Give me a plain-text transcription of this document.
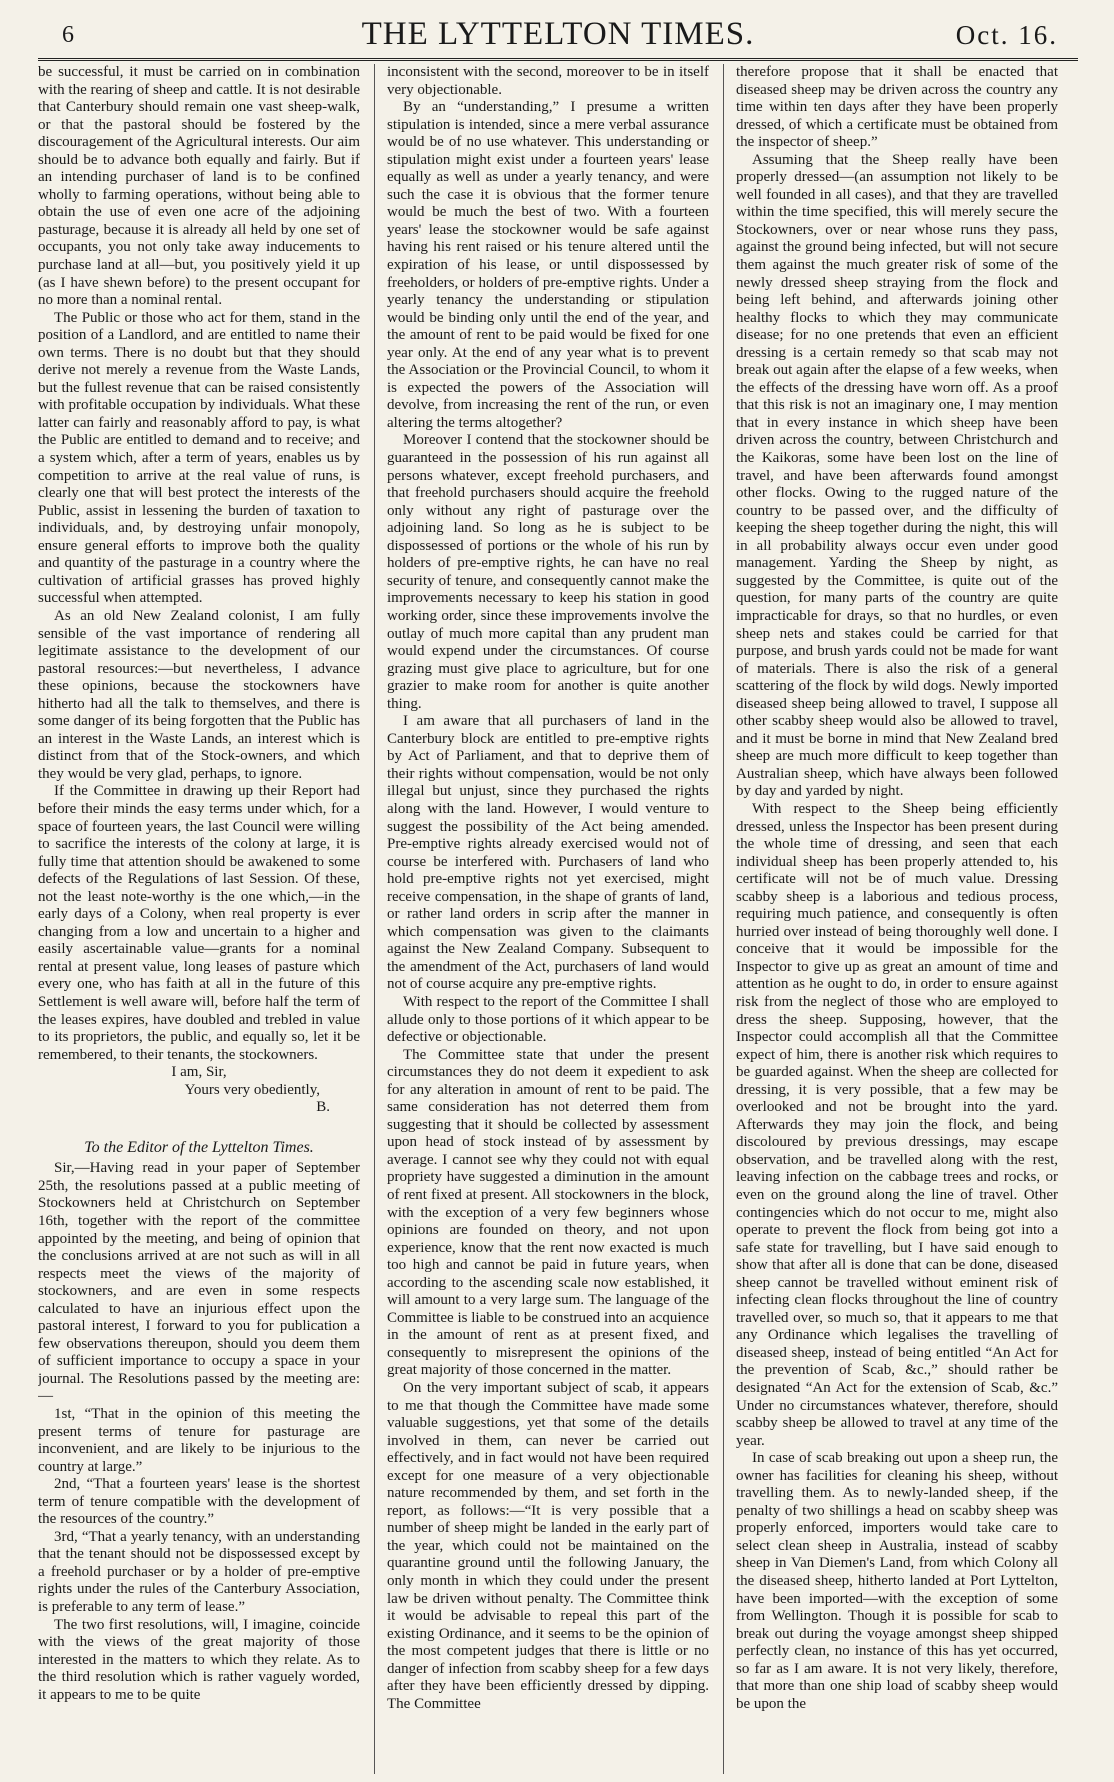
6	THE LYTTELTON TIMES.	Oct. 16.

be successful, it must be carried on in combination with the rearing of sheep and cattle. It is not desirable that Canterbury should remain one vast sheep-walk, or that the pastoral should be fostered by the discouragement of the Agricultural interests. Our aim should be to advance both equally and fairly. But if an intending purchaser of land is to be confined wholly to farming operations, without being able to obtain the use of even one acre of the adjoining pasturage, because it is already all held by one set of occupants, you not only take away inducements to purchase land at all—but, you positively yield it up (as I have shewn before) to the present occupant for no more than a nominal rental.

The Public or those who act for them, stand in the position of a Landlord, and are entitled to name their own terms. There is no doubt but that they should derive not merely a revenue from the Waste Lands, but the fullest revenue that can be raised consistently with profitable occupation by individuals. What these latter can fairly and reasonably afford to pay, is what the Public are entitled to demand and to receive; and a system which, after a term of years, enables us by competition to arrive at the real value of runs, is clearly one that will best protect the interests of the Public, assist in lessening the burden of taxation to individuals, and, by destroying unfair monopoly, ensure general efforts to improve both the quality and quantity of the pasturage in a country where the cultivation of artificial grasses has proved highly successful when attempted.

As an old New Zealand colonist, I am fully sensible of the vast importance of rendering all legitimate assistance to the development of our pastoral resources:—but nevertheless, I advance these opinions, because the stockowners have hitherto had all the talk to themselves, and there is some danger of its being forgotten that the Public has an interest in the Waste Lands, an interest which is distinct from that of the Stock-owners, and which they would be very glad, perhaps, to ignore.

If the Committee in drawing up their Report had before their minds the easy terms under which, for a space of fourteen years, the last Council were willing to sacrifice the interests of the colony at large, it is fully time that attention should be awakened to some defects of the Regulations of last Session. Of these, not the least note-worthy is the one which,—in the early days of a Colony, when real property is ever changing from a low and uncertain to a higher and easily ascertainable value—grants for a nominal rental at present value, long leases of pasture which every one, who has faith at all in the future of this Settlement is well aware will, before half the term of the leases expires, have doubled and trebled in value to its proprietors, the public, and equally so, let it be remembered, to their tenants, the stockowners.

I am, Sir,

Yours very obediently,

B.

To the Editor of the Lyttelton Times.

Sir,—Having read in your paper of September 25th, the resolutions passed at a public meeting of Stockowners held at Christchurch on September 16th, together with the report of the committee appointed by the meeting, and being of opinion that the conclusions arrived at are not such as will in all respects meet the views of the majority of stockowners, and are even in some respects calculated to have an injurious effect upon the pastoral interest, I forward to you for publication a few observations thereupon, should you deem them of sufficient importance to occupy a space in your journal. The Resolutions passed by the meeting are:—

1st, “That in the opinion of this meeting the present terms of tenure for pasturage are inconvenient, and are likely to be injurious to the country at large.”

2nd, “That a fourteen years' lease is the shortest term of tenure compatible with the development of the resources of the country.”

3rd, “That a yearly tenancy, with an understanding that the tenant should not be dispossessed except by a freehold purchaser or by a holder of pre-emptive rights under the rules of the Canterbury Association, is preferable to any term of lease.”

The two first resolutions, will, I imagine, coincide with the views of the great majority of those interested in the matters to which they relate. As to the third resolution which is rather vaguely worded, it appears to me to be quite

inconsistent with the second, moreover to be in itself very objectionable.

By an “understanding,” I presume a written stipulation is intended, since a mere verbal assurance would be of no use whatever. This understanding or stipulation might exist under a fourteen years' lease equally as well as under a yearly tenancy, and were such the case it is obvious that the former tenure would be much the best of two. With a fourteen years' lease the stockowner would be safe against having his rent raised or his tenure altered until the expiration of his lease, or until dispossessed by freeholders, or holders of pre-emptive rights. Under a yearly tenancy the understanding or stipulation would be binding only until the end of the year, and the amount of rent to be paid would be fixed for one year only. At the end of any year what is to prevent the Association or the Provincial Council, to whom it is expected the powers of the Association will devolve, from increasing the rent of the run, or even altering the terms altogether?

Moreover I contend that the stockowner should be guaranteed in the possession of his run against all persons whatever, except freehold purchasers, and that freehold purchasers should acquire the freehold only without any right of pasturage over the adjoining land. So long as he is subject to be dispossessed of portions or the whole of his run by holders of pre-emptive rights, he can have no real security of tenure, and consequently cannot make the improvements necessary to keep his station in good working order, since these improvements involve the outlay of much more capital than any prudent man would expend under the circumstances. Of course grazing must give place to agriculture, but for one grazier to make room for another is quite another thing.

I am aware that all purchasers of land in the Canterbury block are entitled to pre-emptive rights by Act of Parliament, and that to deprive them of their rights without compensation, would be not only illegal but unjust, since they purchased the rights along with the land. However, I would venture to suggest the possibility of the Act being amended. Pre-emptive rights already exercised would not of course be interfered with. Purchasers of land who hold pre-emptive rights not yet exercised, might receive compensation, in the shape of grants of land, or rather land orders in scrip after the manner in which compensation was given to the claimants against the New Zealand Company. Subsequent to the amendment of the Act, purchasers of land would not of course acquire any pre-emptive rights.

With respect to the report of the Committee I shall allude only to those portions of it which appear to be defective or objectionable.

The Committee state that under the present circumstances they do not deem it expedient to ask for any alteration in amount of rent to be paid. The same consideration has not deterred them from suggesting that it should be collected by assessment upon head of stock instead of by assessment by average. I cannot see why they could not with equal propriety have suggested a diminution in the amount of rent fixed at present. All stockowners in the block, with the exception of a very few beginners whose opinions are founded on theory, and not upon experience, know that the rent now exacted is much too high and cannot be paid in future years, when according to the ascending scale now established, it will amount to a very large sum. The language of the Committee is liable to be construed into an acquience in the amount of rent as at present fixed, and consequently to misrepresent the opinions of the great majority of those concerned in the matter.

On the very important subject of scab, it appears to me that though the Committee have made some valuable suggestions, yet that some of the details involved in them, can never be carried out effectively, and in fact would not have been required except for one measure of a very objectionable nature recommended by them, and set forth in the report, as follows:—“It is very possible that a number of sheep might be landed in the early part of the year, which could not be maintained on the quarantine ground until the following January, the only month in which they could under the present law be driven without penalty. The Committee think it would be advisable to repeal this part of the existing Ordinance, and it seems to be the opinion of the most competent judges that there is little or no danger of infection from scabby sheep for a few days after they have been efficiently dressed by dipping. The Committee

therefore propose that it shall be enacted that diseased sheep may be driven across the country any time within ten days after they have been properly dressed, of which a certificate must be obtained from the inspector of sheep.”

Assuming that the Sheep really have been properly dressed—(an assumption not likely to be well founded in all cases), and that they are travelled within the time specified, this will merely secure the Stockowners, over or near whose runs they pass, against the ground being infected, but will not secure them against the much greater risk of some of the newly dressed sheep straying from the flock and being left behind, and afterwards joining other healthy flocks to which they may communicate disease; for no one pretends that even an efficient dressing is a certain remedy so that scab may not break out again after the elapse of a few weeks, when the effects of the dressing have worn off. As a proof that this risk is not an imaginary one, I may mention that in every instance in which sheep have been driven across the country, between Christchurch and the Kaikoras, some have been lost on the line of travel, and have been afterwards found amongst other flocks. Owing to the rugged nature of the country to be passed over, and the difficulty of keeping the sheep together during the night, this will in all probability always occur even under good management. Yarding the Sheep by night, as suggested by the Committee, is quite out of the question, for many parts of the country are quite impracticable for drays, so that no hurdles, or even sheep nets and stakes could be carried for that purpose, and brush yards could not be made for want of materials. There is also the risk of a general scattering of the flock by wild dogs. Newly imported diseased sheep being allowed to travel, I suppose all other scabby sheep would also be allowed to travel, and it must be borne in mind that New Zealand bred sheep are much more difficult to keep together than Australian sheep, which have always been followed by day and yarded by night.

With respect to the Sheep being efficiently dressed, unless the Inspector has been present during the whole time of dressing, and seen that each individual sheep has been properly attended to, his certificate will not be of much value. Dressing scabby sheep is a laborious and tedious process, requiring much patience, and consequently is often hurried over instead of being thoroughly well done. I conceive that it would be impossible for the Inspector to give up as great an amount of time and attention as he ought to do, in order to ensure against risk from the neglect of those who are employed to dress the sheep. Supposing, however, that the Inspector could accomplish all that the Committee expect of him, there is another risk which requires to be guarded against. When the sheep are collected for dressing, it is very possible, that a few may be overlooked and not be brought into the yard. Afterwards they may join the flock, and being discoloured by previous dressings, may escape observation, and be travelled along with the rest, leaving infection on the cabbage trees and rocks, or even on the ground along the line of travel. Other contingencies which do not occur to me, might also operate to prevent the flock from being got into a safe state for travelling, but I have said enough to show that after all is done that can be done, diseased sheep cannot be travelled without eminent risk of infecting clean flocks throughout the line of country travelled over, so much so, that it appears to me that any Ordinance which legalises the travelling of diseased sheep, instead of being entitled “An Act for the prevention of Scab, &c.,” should rather be designated “An Act for the extension of Scab, &c.” Under no circumstances whatever, therefore, should scabby sheep be allowed to travel at any time of the year.

In case of scab breaking out upon a sheep run, the owner has facilities for cleaning his sheep, without travelling them. As to newly-landed sheep, if the penalty of two shillings a head on scabby sheep was properly enforced, importers would take care to select clean sheep in Australia, instead of scabby sheep in Van Diemen's Land, from which Colony all the diseased sheep, hitherto landed at Port Lyttelton, have been imported—with the exception of some from Wellington. Though it is possible for scab to break out during the voyage amongst sheep shipped perfectly clean, no instance of this has yet occurred, so far as I am aware. It is not very likely, therefore, that more than one ship load of scabby sheep would be upon the
